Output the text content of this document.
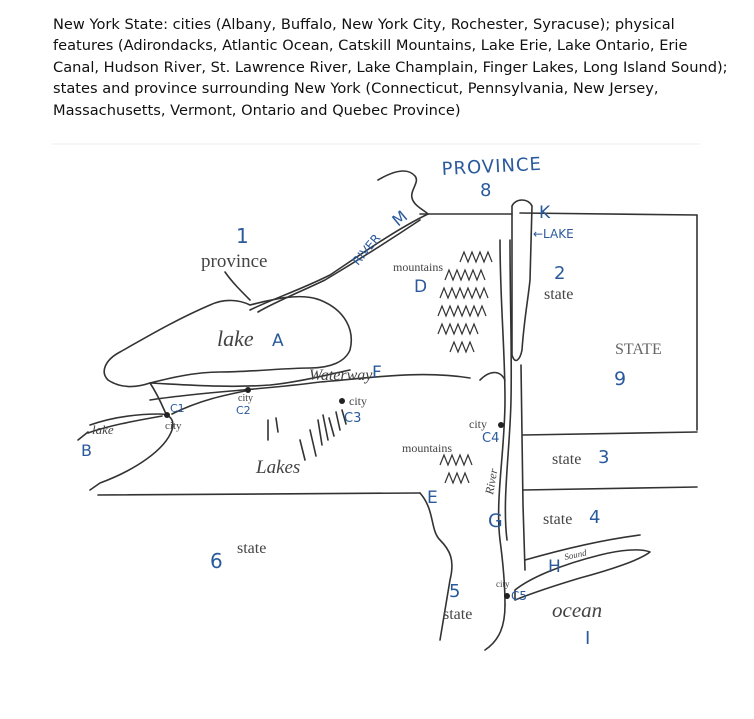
New York State: cities (Albany, Buffalo, New York City, Rochester, Syracuse); physical features (Adirondacks, Atlantic Ocean, Catskill Mountains, Lake Erie, Lake Ontario, Erie Canal, Hudson River, St. Lawrence River, Lake Champlain, Finger Lakes, Long Island Sound); states and province surrounding New York (Connecticut, Pennsylvania, New Jersey, Massachusetts, Vermont, Ontario and Quebec Province)
PROVINCE
8
1
province	RIVER
M	K
←LAKE
mountains
D
2
state
lake A	STATE
9
Waterway F
C1
city
city
C2
city
C3
lake
B
city
C4
mountains
E
Lakes	River
G
state 3
state 4
state
6	Sound
H
city
C5
5
state	ocean
I
